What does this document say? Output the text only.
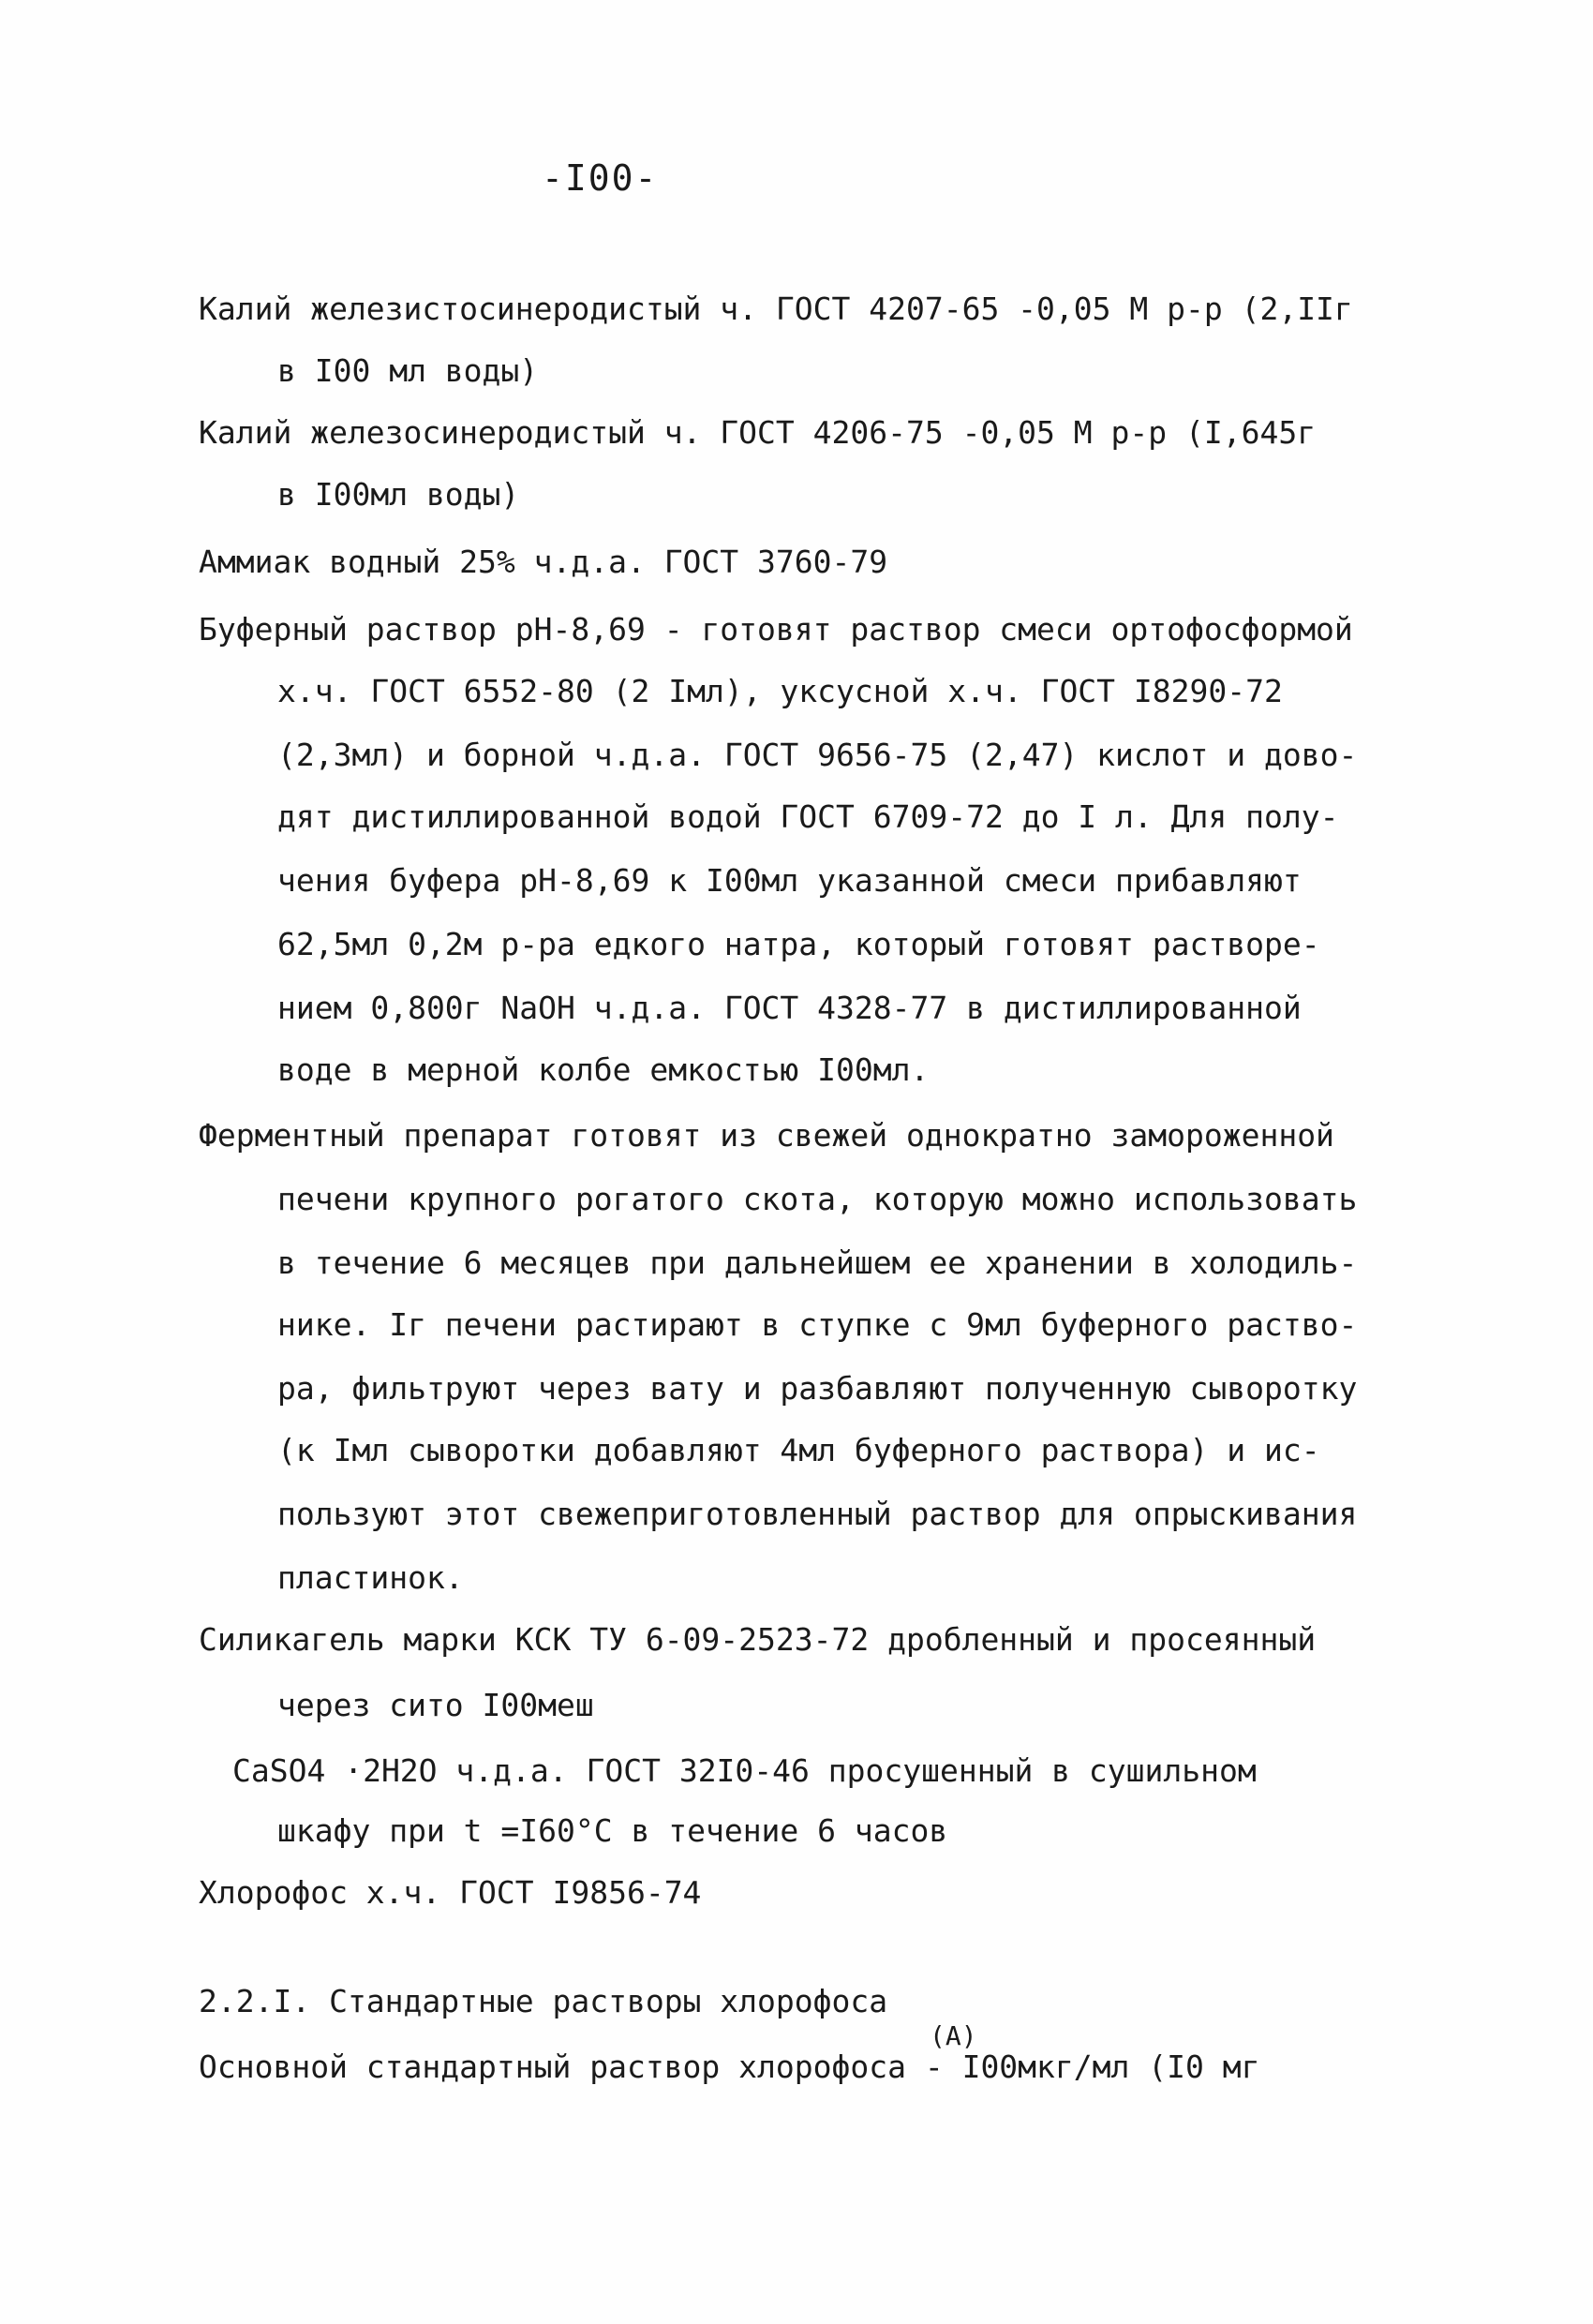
-I00-
Калий железистосинеродистый ч. ГОСТ 4207-65 -0,05 М р-р (2,IIг
в I00 мл воды)
Калий железосинеродистый ч. ГОСТ 4206-75 -0,05 М р-р (I,645г
в I00мл воды)
Аммиак водный 25% ч.д.а. ГОСТ 3760-79
Буферный раствор рН-8,69 - готовят раствор смеси ортофосформой
х.ч. ГОСТ 6552-80 (2 Iмл), уксусной х.ч. ГОСТ I8290-72
(2,3мл) и борной ч.д.а. ГОСТ 9656-75 (2,47) кислот и дово-
дят дистиллированной водой ГОСТ 6709-72 до I л. Для полу-
чения буфера рН-8,69 к I00мл указанной смеси прибавляют
62,5мл 0,2м р-ра едкого натра, который готовят растворе-
нием 0,800г NaOH ч.д.а. ГОСТ 4328-77 в дистиллированной
воде в мерной колбе емкостью I00мл.
Ферментный препарат готовят из свежей однократно замороженной
печени крупного рогатого скота, которую можно использовать
в течение 6 месяцев при дальнейшем ее хранении в холодиль-
нике. Iг печени растирают в ступке с 9мл буферного раство-
ра, фильтруют через вату и разбавляют полученную сыворотку
(к Iмл сыворотки добавляют 4мл буферного раствора) и ис-
пользуют этот свежеприготовленный раствор для опрыскивания
пластинок.
Силикагель марки КСК ТУ 6-09-2523-72 дробленный и просеянный
через сито I00меш
CaSO4 ·2H2O ч.д.а. ГОСТ 32I0-46 просушенный в сушильном
шкафу при t =I60°C в течение 6 часов
Хлорофос х.ч. ГОСТ I9856-74
2.2.I. Стандартные растворы хлорофоса
(A)
Основной стандартный раствор хлорофоса - I00мкг/мл (I0 мг
